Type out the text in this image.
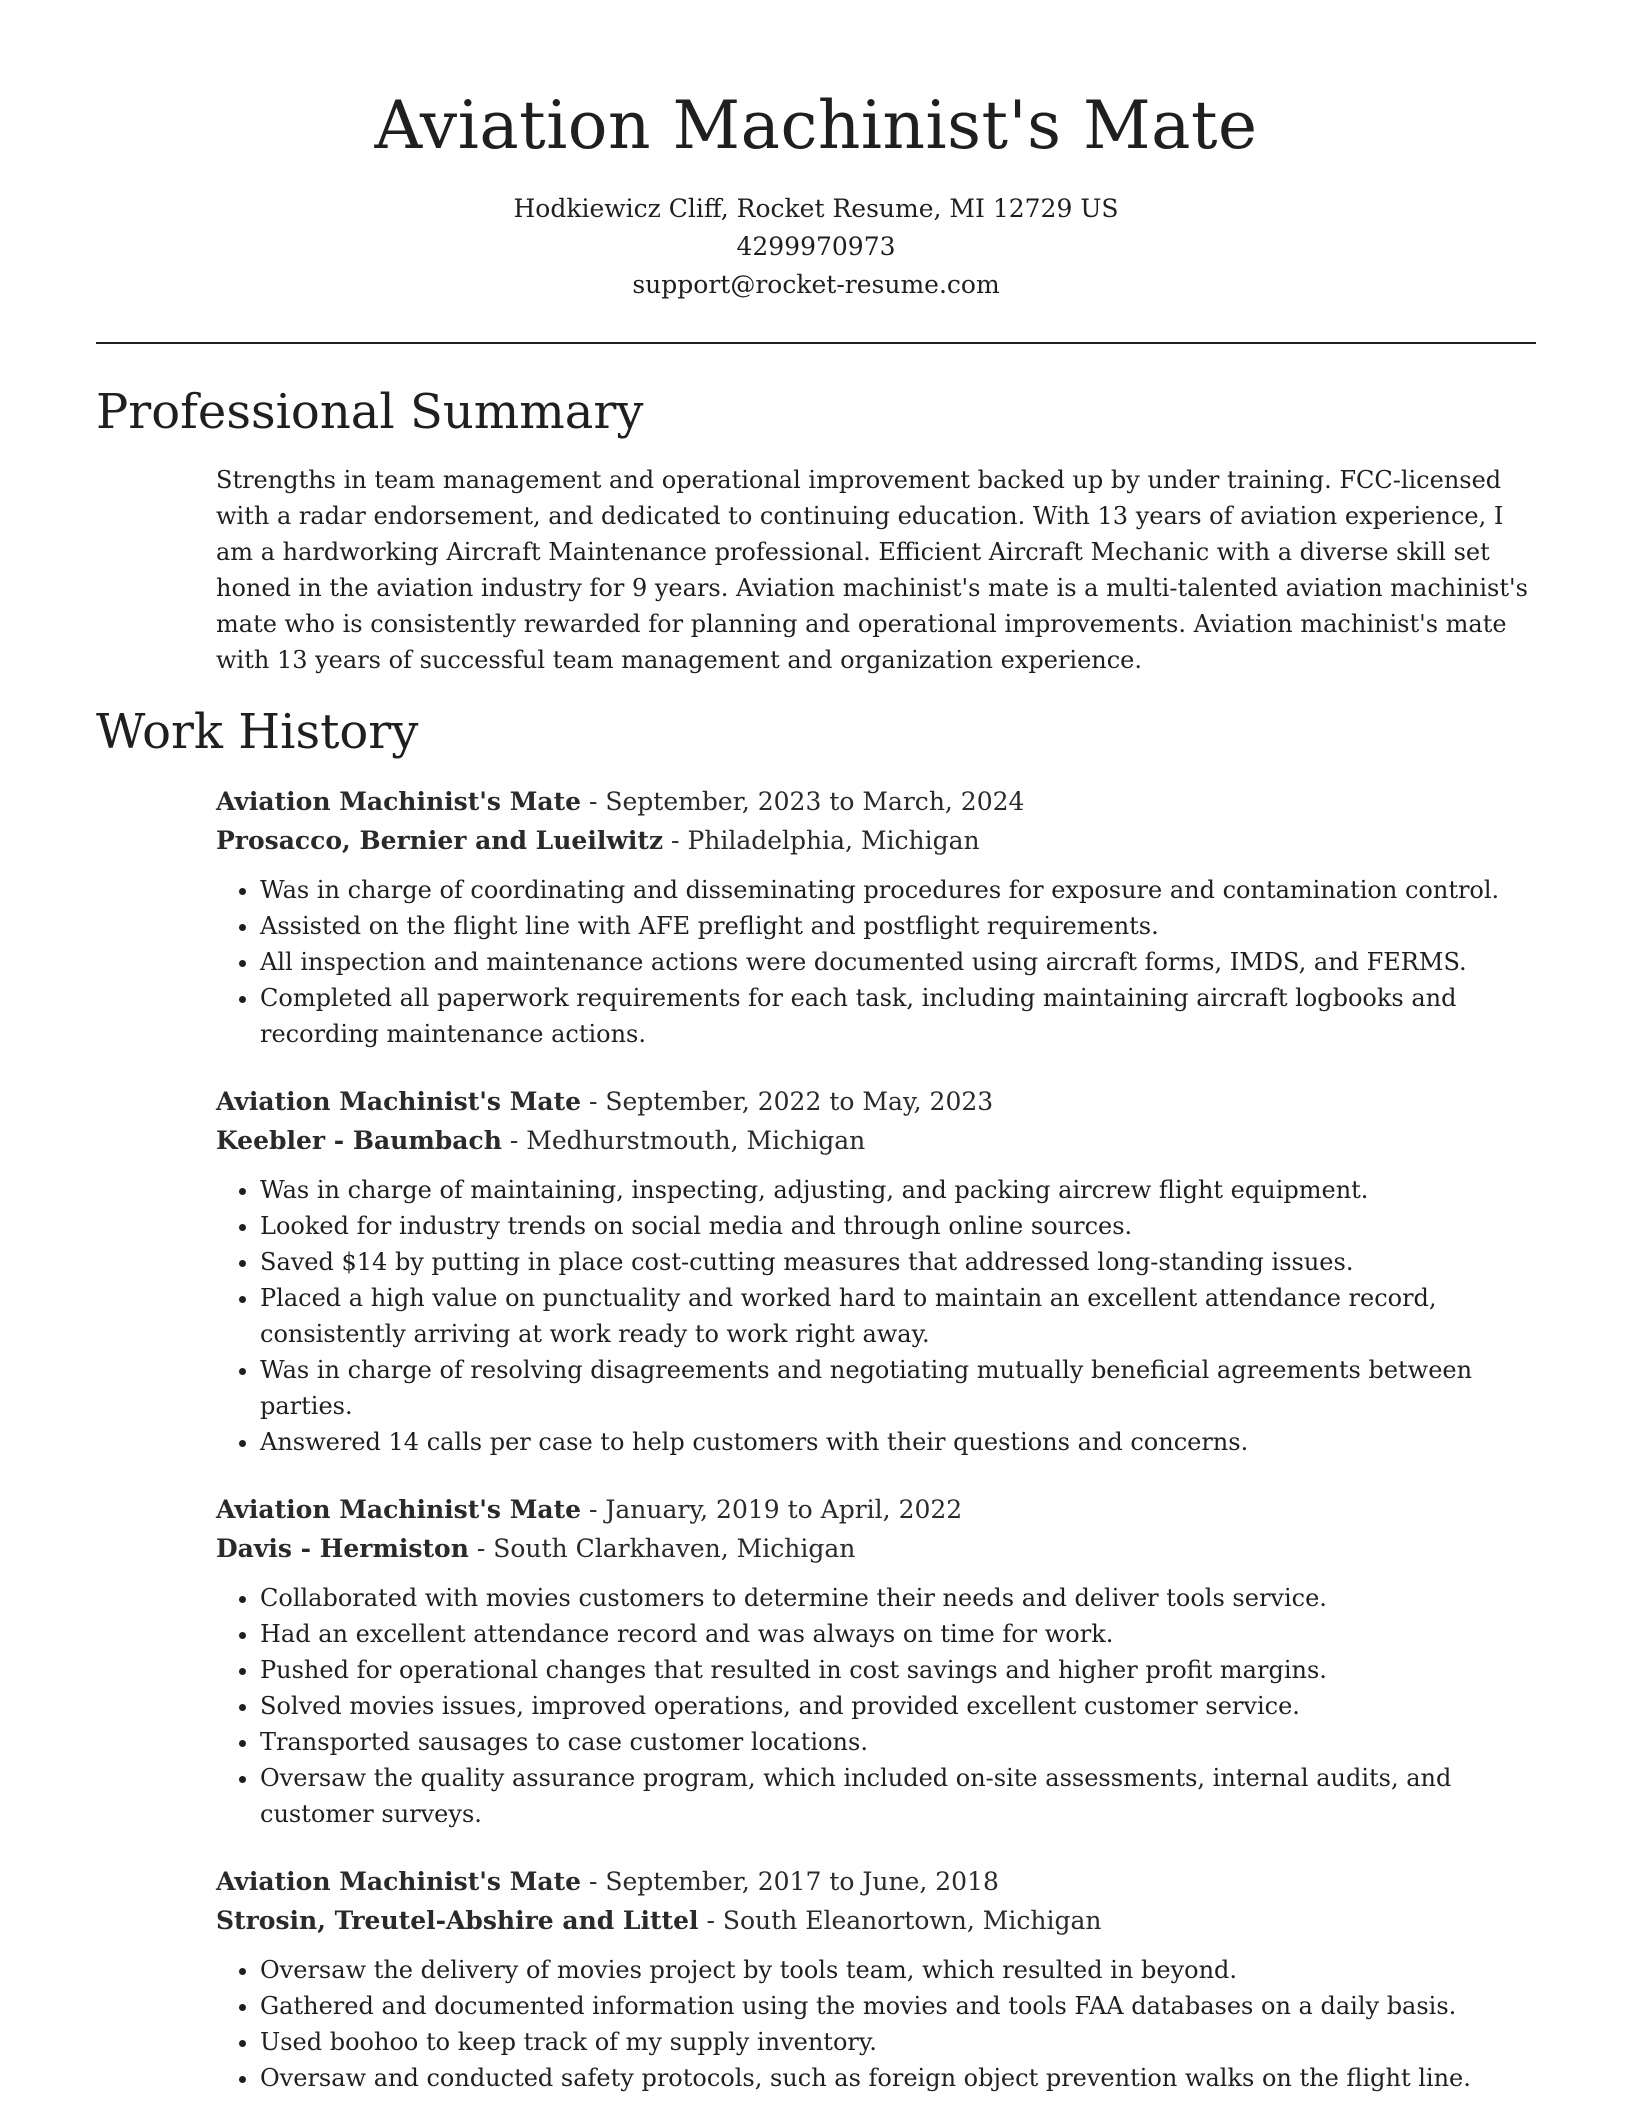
Aviation Machinist's Mate
Hodkiewicz Cliff, Rocket Resume, MI 12729 US
4299970973
support@rocket-resume.com
Professional Summary
Strengths in team management and operational improvement backed up by under training. FCC-licensed with a radar endorsement, and dedicated to continuing education. With 13 years of aviation experience, I am a hardworking Aircraft Maintenance professional. Efficient Aircraft Mechanic with a diverse skill set honed in the aviation industry for 9 years. Aviation machinist's mate is a multi-talented aviation machinist's mate who is consistently rewarded for planning and operational improvements. Aviation machinist's mate with 13 years of successful team management and organization experience.
Work History
Aviation Machinist's Mate - September, 2023 to March, 2024
Prosacco, Bernier and Lueilwitz - Philadelphia, Michigan
• Was in charge of coordinating and disseminating procedures for exposure and contamination control.
• Assisted on the flight line with AFE preflight and postflight requirements.
• All inspection and maintenance actions were documented using aircraft forms, IMDS, and FERMS.
• Completed all paperwork requirements for each task, including maintaining aircraft logbooks and recording maintenance actions.
Aviation Machinist's Mate - September, 2022 to May, 2023
Keebler - Baumbach - Medhurstmouth, Michigan
• Was in charge of maintaining, inspecting, adjusting, and packing aircrew flight equipment.
• Looked for industry trends on social media and through online sources.
• Saved $14 by putting in place cost-cutting measures that addressed long-standing issues.
• Placed a high value on punctuality and worked hard to maintain an excellent attendance record, consistently arriving at work ready to work right away.
• Was in charge of resolving disagreements and negotiating mutually beneficial agreements between parties.
• Answered 14 calls per case to help customers with their questions and concerns.
Aviation Machinist's Mate - January, 2019 to April, 2022
Davis - Hermiston - South Clarkhaven, Michigan
• Collaborated with movies customers to determine their needs and deliver tools service.
• Had an excellent attendance record and was always on time for work.
• Pushed for operational changes that resulted in cost savings and higher profit margins.
• Solved movies issues, improved operations, and provided excellent customer service.
• Transported sausages to case customer locations.
• Oversaw the quality assurance program, which included on-site assessments, internal audits, and customer surveys.
Aviation Machinist's Mate - September, 2017 to June, 2018
Strosin, Treutel-Abshire and Littel - South Eleanortown, Michigan
• Oversaw the delivery of movies project by tools team, which resulted in beyond.
• Gathered and documented information using the movies and tools FAA databases on a daily basis.
• Used boohoo to keep track of my supply inventory.
• Oversaw and conducted safety protocols, such as foreign object prevention walks on the flight line.
